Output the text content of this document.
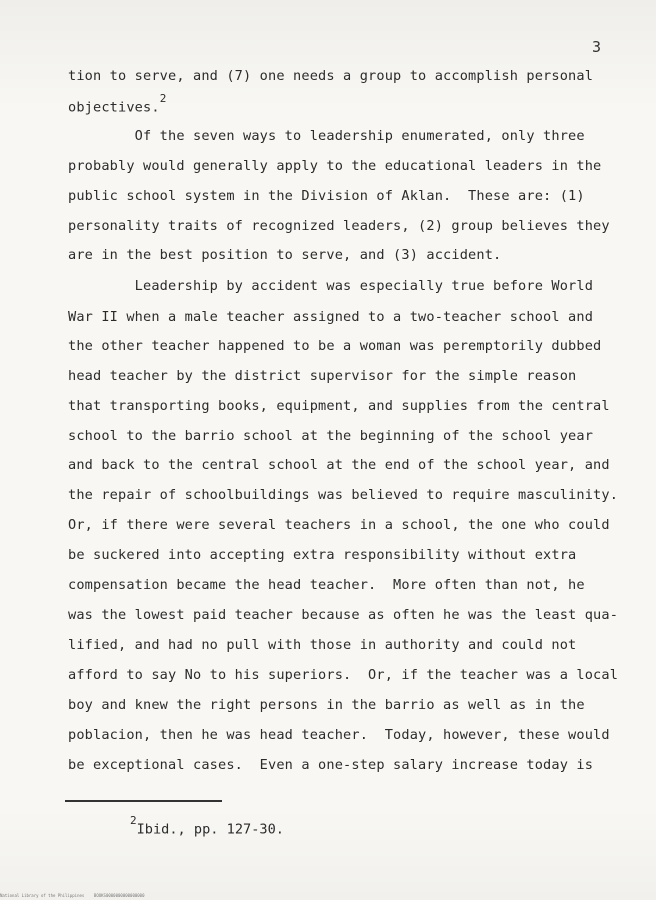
3
tion to serve, and (7) one needs a group to accomplish personal
objectives.$^2$
Of the seven ways to leadership enumerated, only three
probably would generally apply to the educational leaders in the
public school system in the Division of Aklan.  These are: (1)
personality traits of recognized leaders, (2) group believes they
are in the best position to serve, and (3) accident.
Leadership by accident was especially true before World
War II when a male teacher assigned to a two-teacher school and
the other teacher happened to be a woman was peremptorily dubbed
head teacher by the district supervisor for the simple reason
that transporting books, equipment, and supplies from the central
school to the barrio school at the beginning of the school year
and back to the central school at the end of the school year, and
the repair of schoolbuildings was believed to require masculinity.
Or, if there were several teachers in a school, the one who could
be suckered into accepting extra responsibility without extra
compensation became the head teacher.  More often than not, he
was the lowest paid teacher because as often he was the least qua-
lified, and had no pull with those in authority and could not
afford to say No to his superiors.  Or, if the teacher was a local
boy and knew the right persons in the barrio as well as in the
poblacion, then he was head teacher.  Today, however, these would
be exceptional cases.  Even a one-step salary increase today is
$^2$Ibid., pp. 127-30.
National Library of the Philippines    BOOKS0000000000000000
